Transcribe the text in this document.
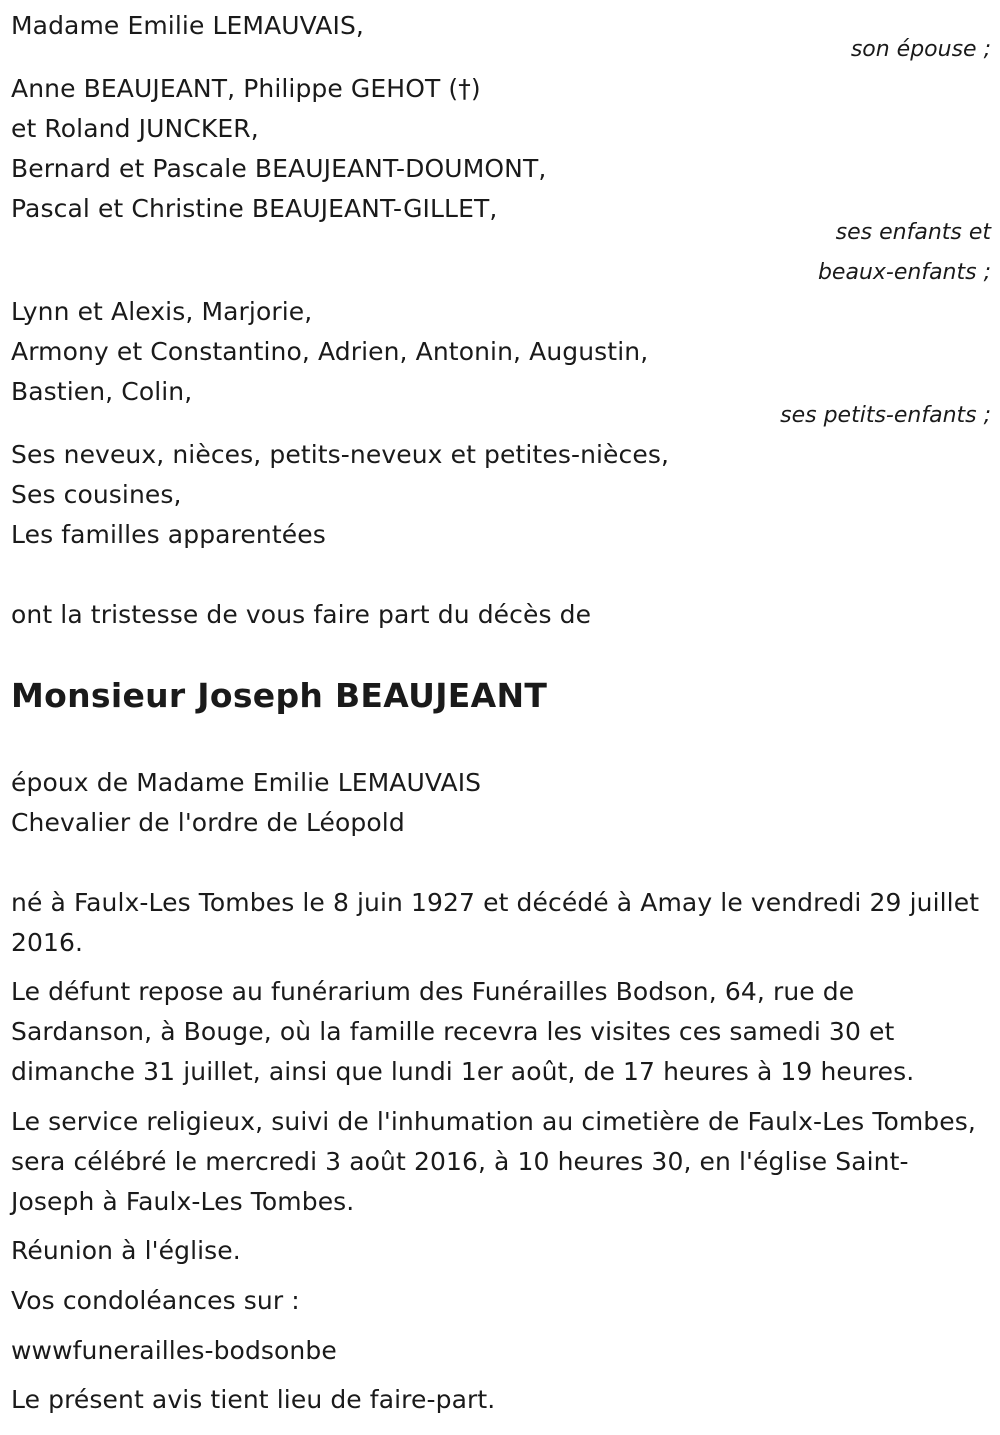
Madame Emilie LEMAUVAIS,
son épouse ;
Anne BEAUJEANT, Philippe GEHOT (†)
et Roland JUNCKER,
Bernard et Pascale BEAUJEANT-DOUMONT,
Pascal et Christine BEAUJEANT-GILLET,
ses enfants et
beaux-enfants ;
Lynn et Alexis, Marjorie,
Armony et Constantino, Adrien, Antonin, Augustin,
Bastien, Colin,
ses petits-enfants ;
Ses neveux, nièces, petits-neveux et petites-nièces,
Ses cousines,
Les familles apparentées
ont la tristesse de vous faire part du décès de
Monsieur Joseph BEAUJEANT
époux de Madame Emilie LEMAUVAIS
Chevalier de l'ordre de Léopold
né à Faulx-Les Tombes le 8 juin 1927 et décédé à Amay le vendredi 29 juillet 2016.
Le défunt repose au funérarium des Funérailles Bodson, 64, rue de Sardanson, à Bouge, où la famille recevra les visites ces samedi 30 et dimanche 31 juillet, ainsi que lundi 1er août, de 17 heures à 19 heures.
Le service religieux, suivi de l'inhumation au cimetière de Faulx-Les Tombes, sera célébré le mercredi 3 août 2016, à 10 heures 30, en l'église Saint-Joseph à Faulx-Les Tombes.
Réunion à l'église.
Vos condoléances sur :
wwwfunerailles-bodsonbe
Le présent avis tient lieu de faire-part.
